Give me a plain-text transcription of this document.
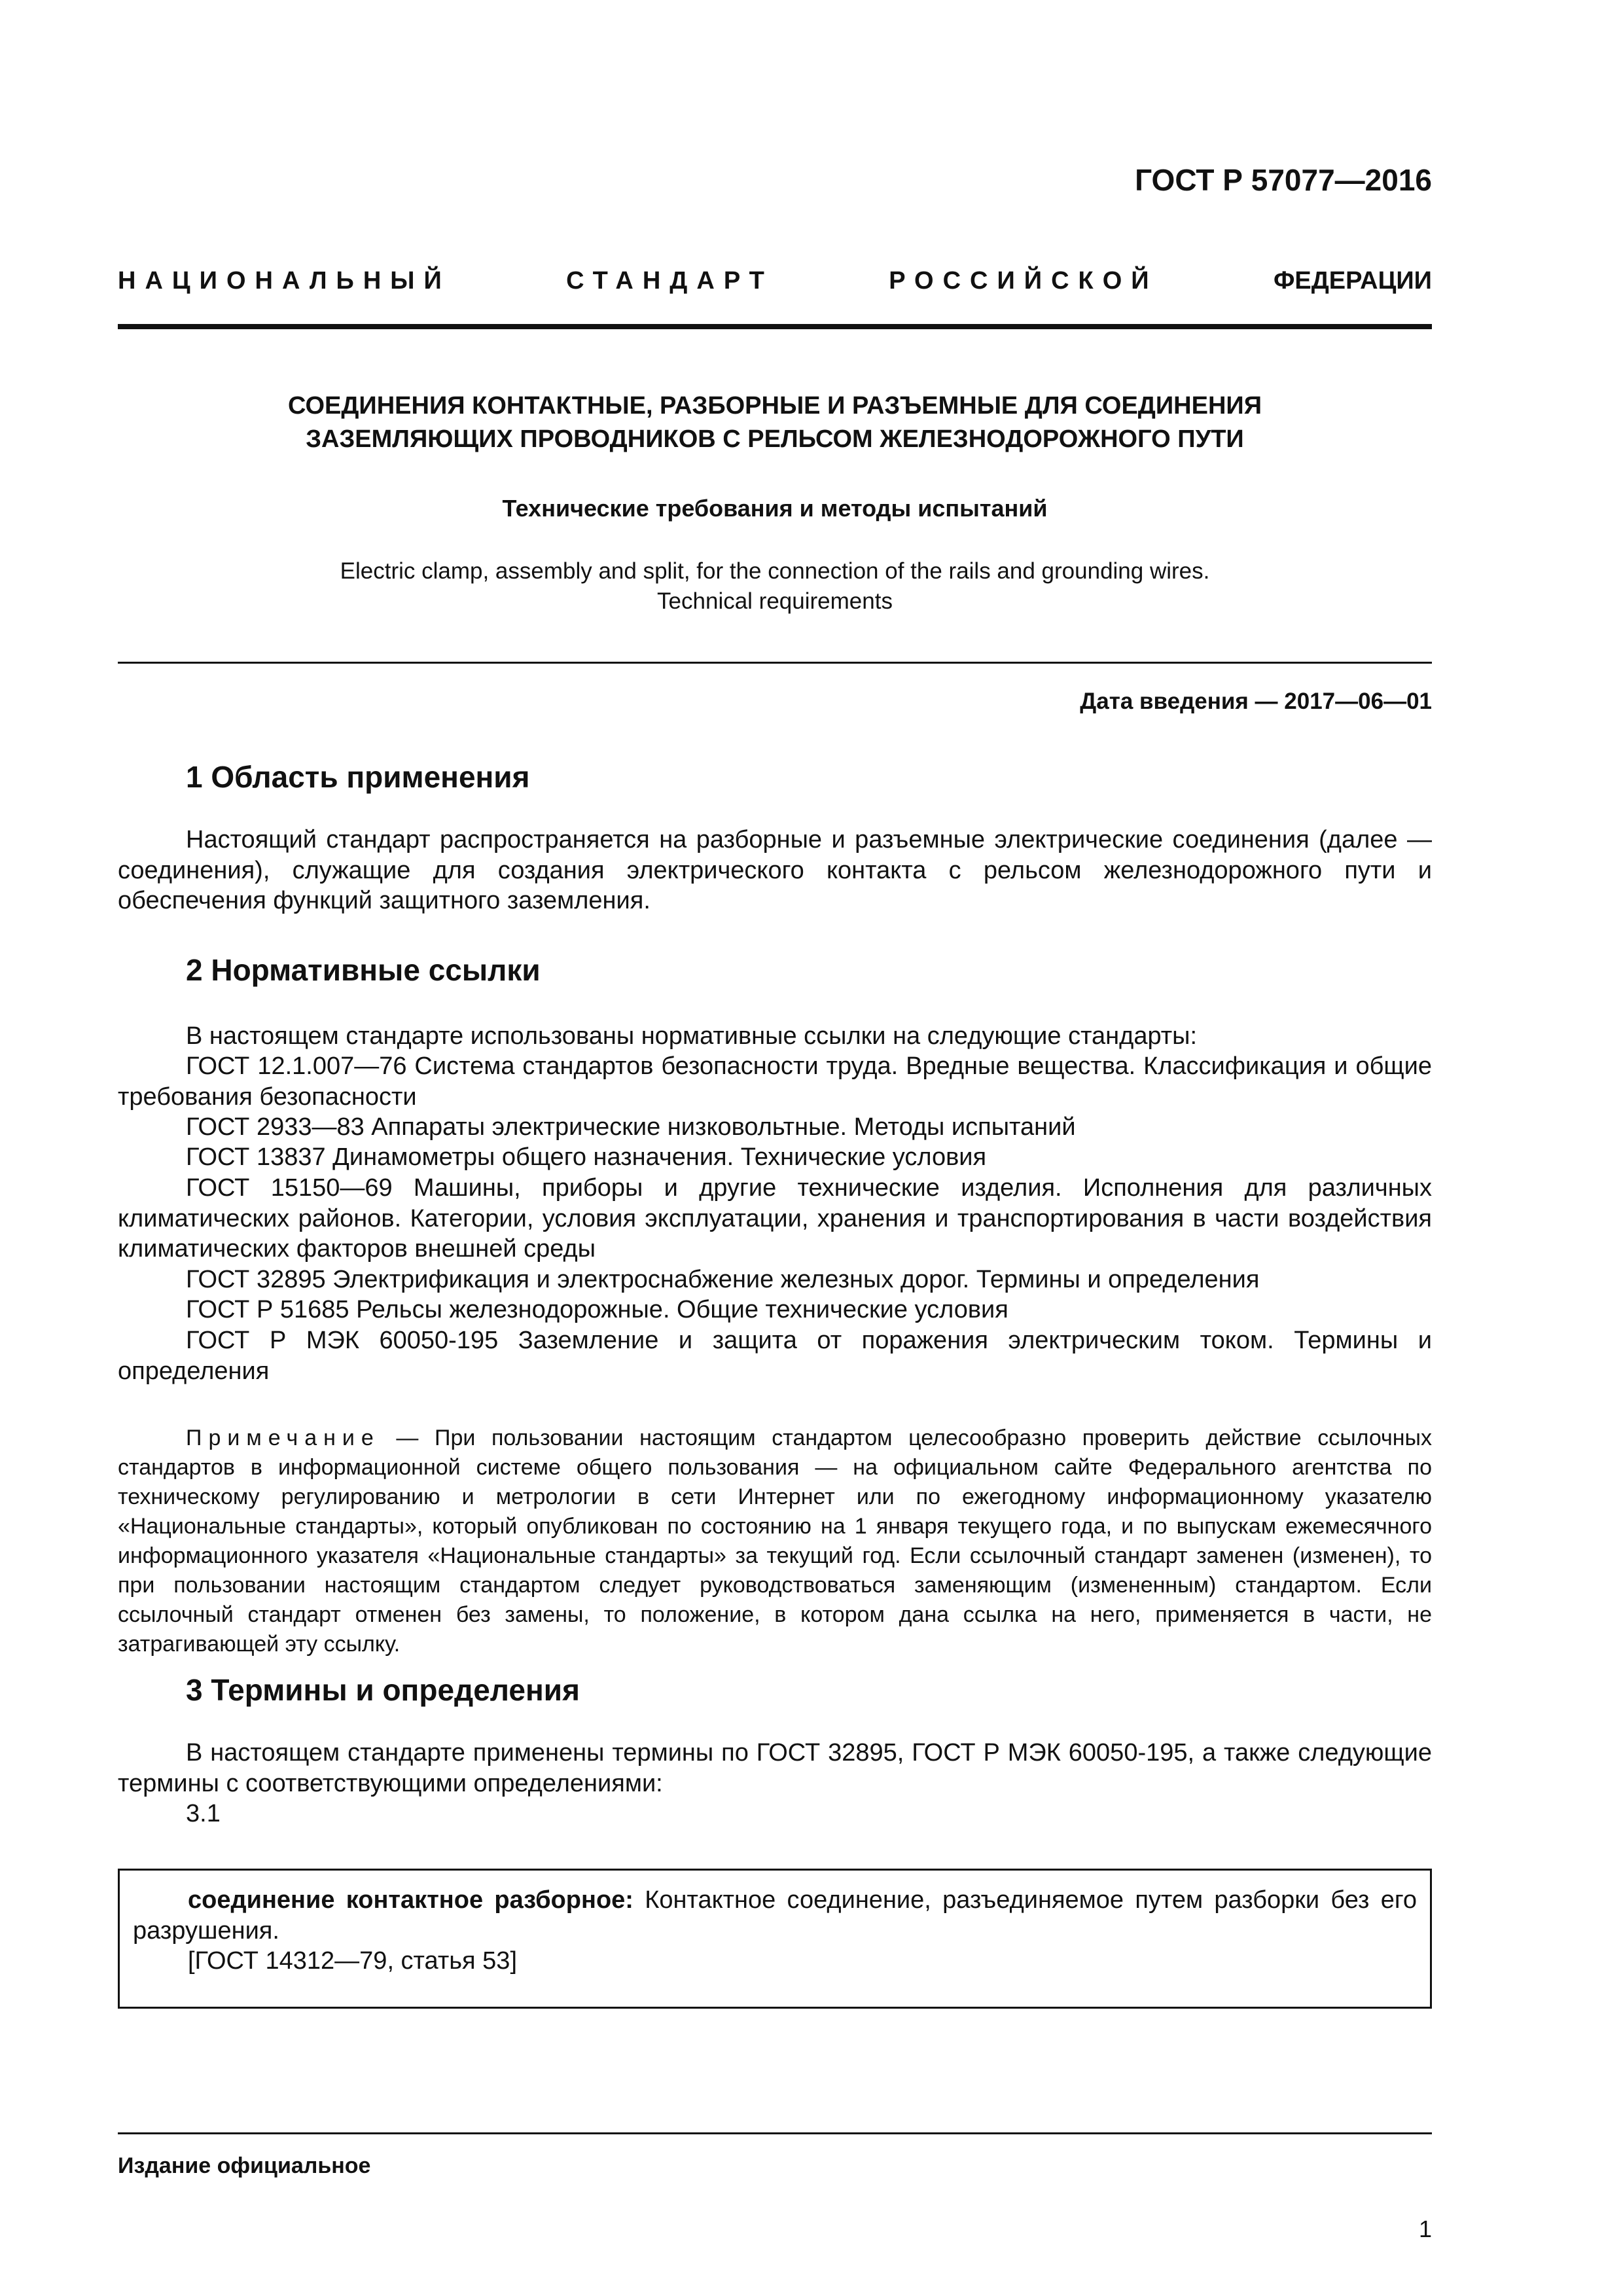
ГОСТ Р 57077—2016
НАЦИОНАЛЬНЫЙ	СТАНДАРТ	РОССИЙСКОЙ	ФЕДЕРАЦИИ
СОЕДИНЕНИЯ КОНТАКТНЫЕ, РАЗБОРНЫЕ И РАЗЪЕМНЫЕ ДЛЯ СОЕДИНЕНИЯ
ЗАЗЕМЛЯЮЩИХ ПРОВОДНИКОВ С РЕЛЬСОМ ЖЕЛЕЗНОДОРОЖНОГО ПУТИ
Технические требования и методы испытаний
Electric clamp, assembly and split, for the connection of the rails and grounding wires.
Technical requirements
Дата введения — 2017—06—01
1 Область применения
Настоящий стандарт распространяется на разборные и разъемные электрические соединения (далее — соединения), служащие для создания электрического контакта с рельсом железнодорожного пути и обеспечения функций защитного заземления.
2 Нормативные ссылки
В настоящем стандарте использованы нормативные ссылки на следующие стандарты:
ГОСТ 12.1.007—76 Система стандартов безопасности труда. Вредные вещества. Классификация и общие требования безопасности
ГОСТ 2933—83 Аппараты электрические низковольтные. Методы испытаний
ГОСТ 13837 Динамометры общего назначения. Технические условия
ГОСТ 15150—69 Машины, приборы и другие технические изделия. Исполнения для различных климатических районов. Категории, условия эксплуатации, хранения и транспортирования в части воздействия климатических факторов внешней среды
ГОСТ 32895 Электрификация и электроснабжение железных дорог. Термины и определения
ГОСТ Р 51685 Рельсы железнодорожные. Общие технические условия
ГОСТ Р МЭК 60050-195 Заземление и защита от поражения электрическим током. Термины и определения
Примечание — При пользовании настоящим стандартом целесообразно проверить действие ссылочных стандартов в информационной системе общего пользования — на официальном сайте Федерального агентства по техническому регулированию и метрологии в сети Интернет или по ежегодному информационному указателю «Национальные стандарты», который опубликован по состоянию на 1 января текущего года, и по выпускам ежемесячного информационного указателя «Национальные стандарты» за текущий год. Если ссылочный стандарт заменен (изменен), то при пользовании настоящим стандартом следует руководствоваться заменяющим (измененным) стандартом. Если ссылочный стандарт отменен без замены, то положение, в котором дана ссылка на него, применяется в части, не затрагивающей эту ссылку.
3 Термины и определения
В настоящем стандарте применены термины по ГОСТ 32895, ГОСТ Р МЭК 60050-195, а также следующие термины с соответствующими определениями:
3.1
соединение контактное разборное: Контактное соединение, разъединяемое путем разборки без его разрушения.
[ГОСТ 14312—79, статья 53]
Издание официальное
1
